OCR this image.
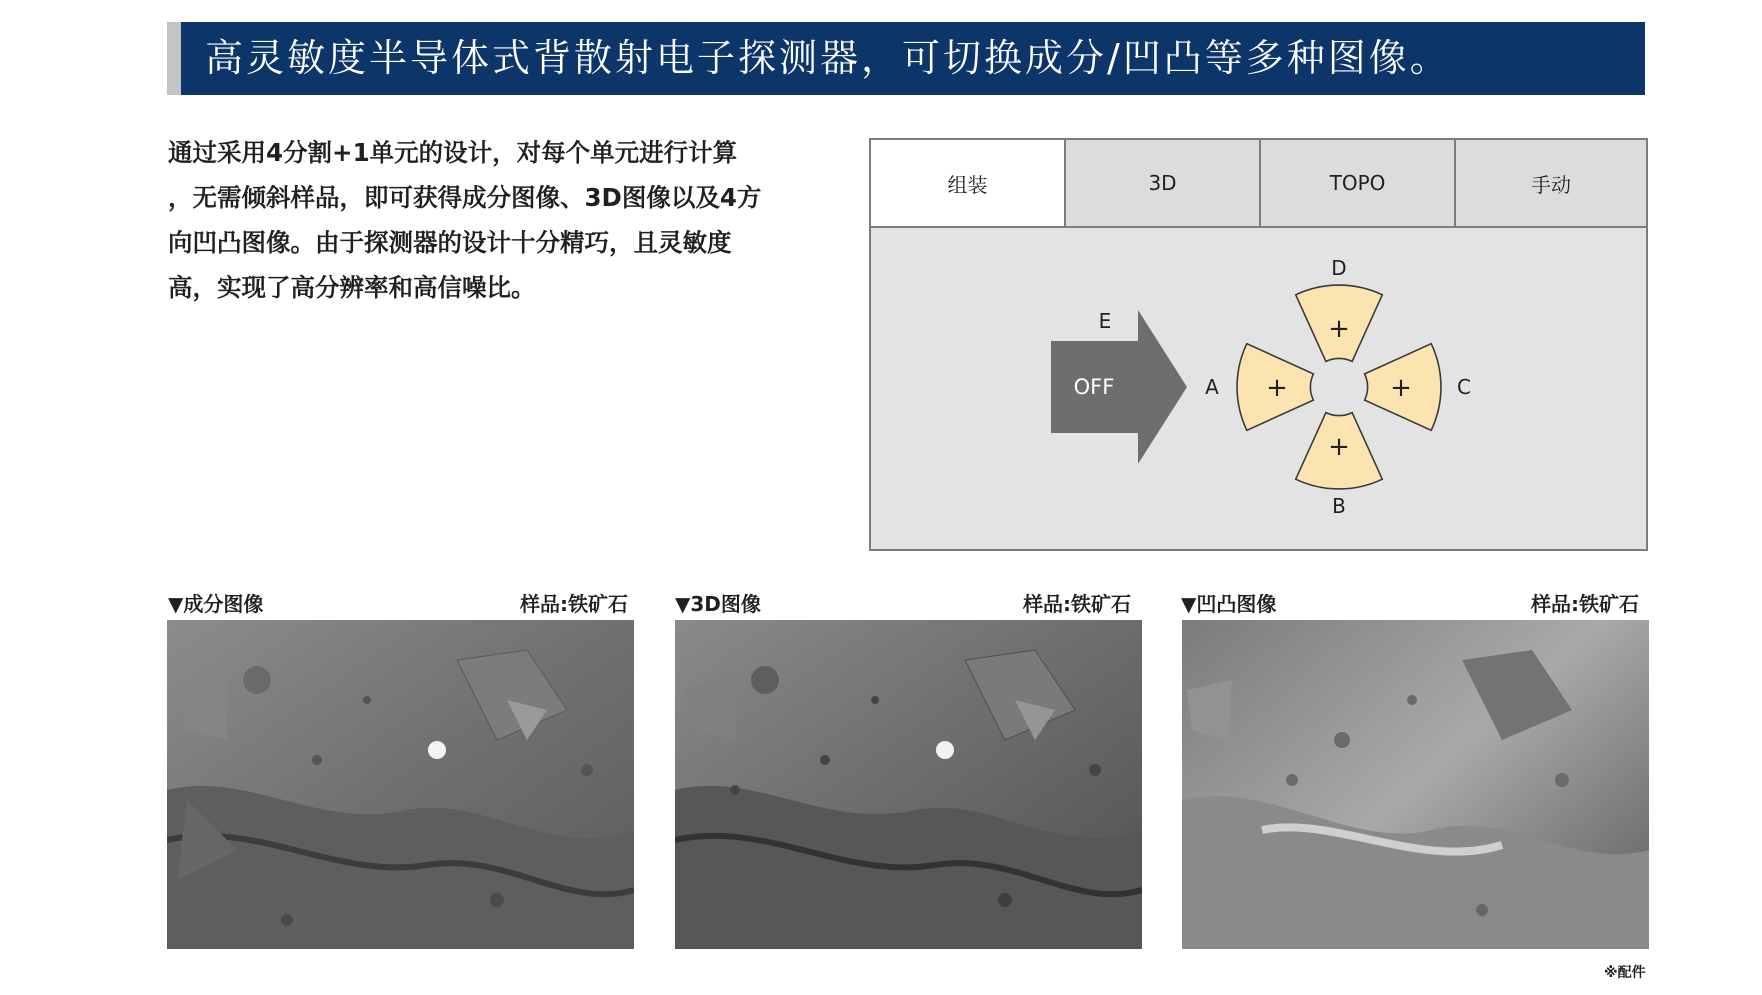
高灵敏度半导体式背散射电子探测器，可切换成分/凹凸等多种图像。
通过采用4分割+1单元的设计，对每个单元进行计算
，无需倾斜样品，即可获得成分图像、3D图像以及4方
向凹凸图像。由于探测器的设计十分精巧，且灵敏度
高，实现了高分辨率和高信噪比。
组装	3D	TOPO	手动
OFF
E	+
+
+
+
D
C
B
A
▼成分图像	样品:铁矿石 ▼3D图像	样品:铁矿石	▼凹凸图像	样品:铁矿石
※配件
